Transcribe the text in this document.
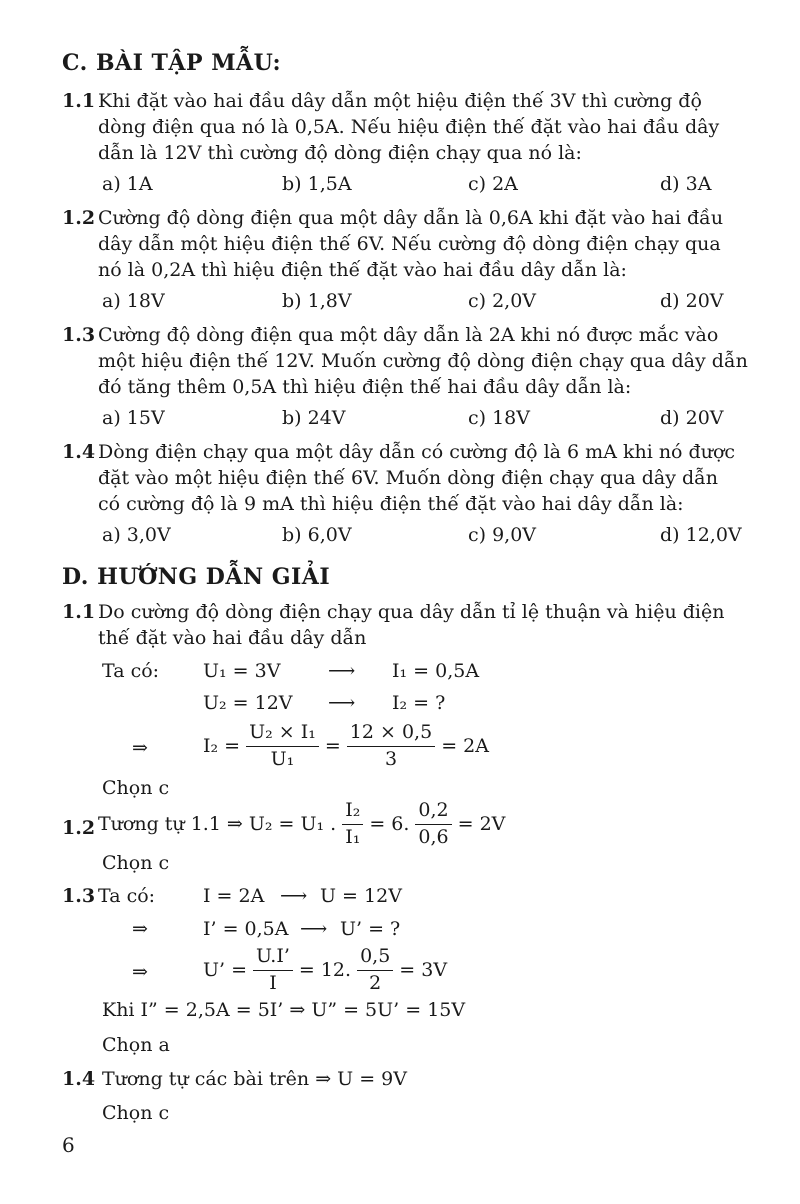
C. BÀI TẬP MẪU:
1.1 Khi đặt vào hai đầu dây dẫn một hiệu điện thế 3V thì cường độ
dòng điện qua nó là 0,5A. Nếu hiệu điện thế đặt vào hai đầu dây
dẫn là 12V thì cường độ dòng điện chạy qua nó là:
a) 1A	b) 1,5A	c) 2A	d) 3A
1.2 Cường độ dòng điện qua một dây dẫn là 0,6A khi đặt vào hai đầu
dây dẫn một hiệu điện thế 6V. Nếu cường độ dòng điện chạy qua
nó là 0,2A thì hiệu điện thế đặt vào hai đầu dây dẫn là:
a) 18V	b) 1,8V	c) 2,0V	d) 20V
1.3 Cường độ dòng điện qua một dây dẫn là 2A khi nó được mắc vào
một hiệu điện thế 12V. Muốn cường độ dòng điện chạy qua dây dẫn
đó tăng thêm 0,5A thì hiệu điện thế hai đầu dây dẫn là:
a) 15V	b) 24V	c) 18V	d) 20V
1.4 Dòng điện chạy qua một dây dẫn có cường độ là 6 mA khi nó được
đặt vào một hiệu điện thế 6V. Muốn dòng điện chạy qua dây dẫn
có cường độ là 9 mA thì hiệu điện thế đặt vào hai dây dẫn là:
a) 3,0V	b) 6,0V	c) 9,0V	d) 12,0V
D. HƯỚNG DẪN GIẢI
1.1 Do cường độ dòng điện chạy qua dây dẫn tỉ lệ thuận và hiệu điện
thế đặt vào hai đầu dây dẫn
Ta có: U₁ = 3V	⟶ I₁ = 0,5A
U₂ = 12V ⟶ I₂ = ?
⇒	$I_2 = \frac{\text{U₂ × I₁}}{\text{U₁}} = \frac{12 \times 0,5}{3} = 2A$
Chọn c
1.2 Tương tự 1.1 ⇒ U₂ = U₁ . $\frac{\text{I₂}}{\text{I₁}} = 6$. $\frac{0,2}{0,6} = 2V$
Chọn c
1.3 Ta có:	I = 2A ⟶ U = 12V
⇒	I’ = 0,5A ⟶ U’ = ?
⇒	U’ = $\frac{U.I’}{I} = 12$. $\frac{0,5}{2} = 3V$
Khi I” = 2,5A = 5I’ ⇒ U” = 5U’ = 15V
Chọn a
1.4 Tương tự các bài trên ⇒ U = 9V
Chọn c
6
